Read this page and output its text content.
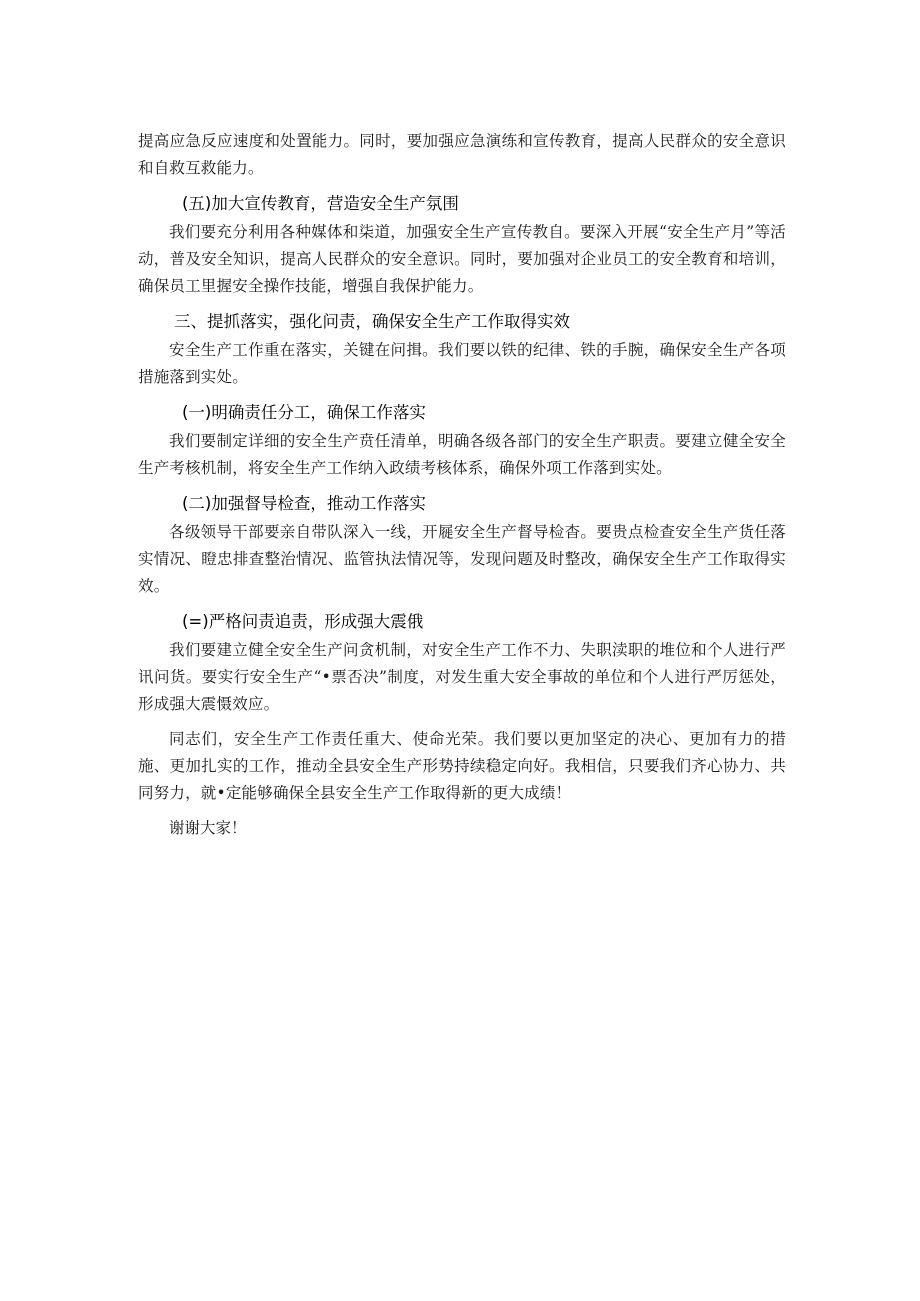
提高应急反应速度和处置能力。同时，要加强应急演练和宣传教育，提高人民群众的安全意识和自救互救能力。

(五)加大宣传教育，营造安全生产氛围

我们要充分利用各种媒体和柒道，加强安全生产宣传教自。要深入开展“安全生产月”等活动，普及安全知识，提高人民群众的安全意识。同时，要加强对企业员工的安全教育和培训，确保员工里握安全操作技能，增强自我保护能力。

三、提抓落实，强化问责，确保安全生产工作取得实效

安全生产工作重在落实，关键在问揖。我们要以铁的纪律、铁的手腕，确保安全生产各项措施落到实处。

(一)明确责任分工，确保工作落实

我们要制定详细的安全生产贲任清单，明确各级各部门的安全生产职责。要建立健全安全生产考核机制，将安全生产工作纳入政绩考核体系，确保外项工作落到实处。

(二)加强督导检查，推动工作落实

各级领导干部要亲自带队深入一线，开屣安全生产督导检杳。要贵点检查安全生产货任落实情况、瞪忠排查整治情况、监管执法情况等，发现问题及时整改，确保安全生产工作取得实效。

(=)严格问责追责，形成强大震俄

我们要建立健全安全生产问贪机制，对安全生产工作不力、失职渎职的堆位和个人进行严讯问货。要实行安全生产“•票否决”制度，对发生重大安全事故的单位和个人进行严厉惩处，形成强大震慑效应。

同志们，安全生产工作责任重大、使命光荣。我们要以更加坚定的决心、更加有力的措施、更加扎实的工作，推动全县安全生产形势持续稳定向好。我相信，只要我们齐心协力、共同努力，就•定能够确保全县安全生产工作取得新的更大成绩！

谢谢大家！
